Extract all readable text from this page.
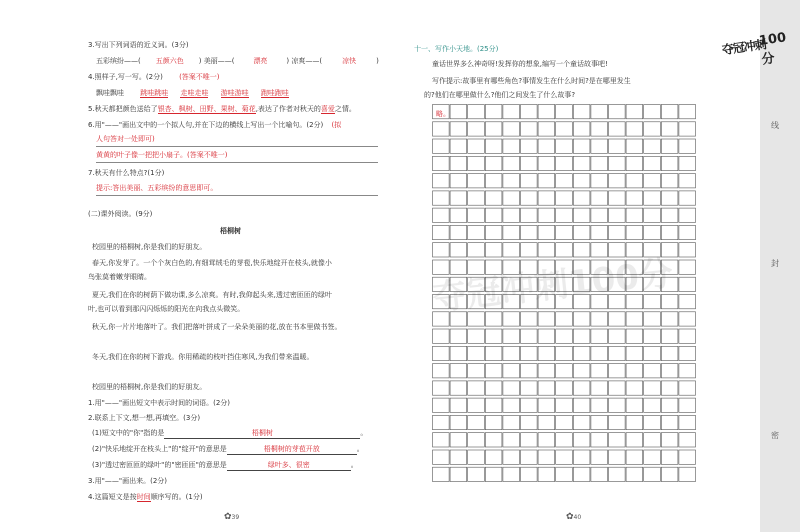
3.写出下列词语的近义词。(3分)
五彩缤纷——( 五颜六色 ) 美丽——(	漂亮	) 凉爽——(	凉快	)
4.照样子,写一写。(2分) (答案不唯一)
飘哇飘哇 跳哇跳哇 走哇走哇 游哇游哇 跑哇跑哇
5.秋天都把颜色送给了银杏、枫树、田野、果树、菊花,表达了作者对秋天的喜爱之情。
6.用"——"画出文中的一个拟人句,并在下边的横线上写出一个比喻句。(2分) (拟
人句答对一处即可)
黄黄的叶子像一把把小扇子。(答案不唯一)
7.秋天有什么特点?(1分)
提示:答出美丽、五彩缤纷的意思即可。
(二)课外阅读。(9分)
梧桐树
校园里的梧桐树,你是我们的好朋友。
春天,你发芽了。一个个灰白色的,有细茸绒毛的芽苞,快乐地绽开在枝头,就像小
鸟张莫着嫩芽眼睛。
夏天,我们在你的树荫下做功课,多么凉爽。有时,我仰起头来,透过密匝匝的绿叶
叶,也可以看到那闪闪烁烁的阳光在向我点头微笑。
秋天,你一片片地落叶了。我们把落叶拼成了一朵朵美丽的花,放在书本里做书签。
冬天,我们在你的树下游戏。你用稀疏的枝叶挡住寒风,为我们带来温暖。
校园里的梧桐树,你是我们的好朋友。
1.用"——"画出短文中表示时间的词语。(2分)
2.联系上下文,想一想,再填空。(3分)
(1)短文中的"你"指的是	梧桐树	。
(2)"快乐地绽开在枝头上"的"绽开"的意思是	梧桐树的芽苞开放	。
(3)"透过密匝匝的绿叶"的"密匝匝"的意思是	绿叶多、很密	。
3.用"——"画出来。(2分)
4.这篇短文是按时间顺序写的。(1分)
✿39
十一、写作小天地。(25分)
童话世界多么神奇呀!发挥你的想象,编写一个童话故事吧!
写作提示:故事里有哪些角色?事情发生在什么时间?是在哪里发生
的?他们在哪里做什么?他们之间发生了什么故事?
略。
夺冠冲刺100分
✿40
夺冠冲刺
100分
线
封
密
